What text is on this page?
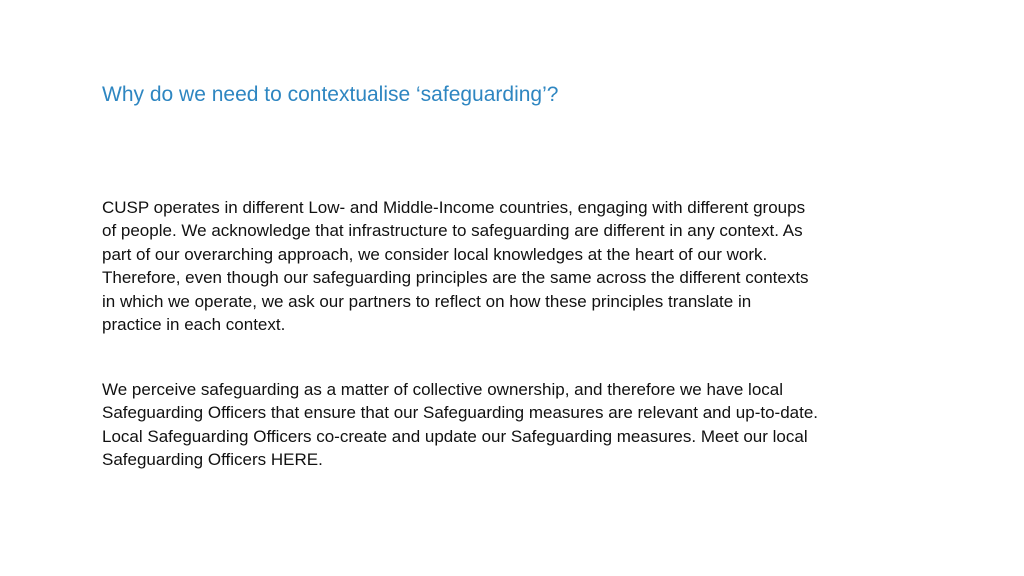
Why do we need to contextualise ‘safeguarding’?

CUSP operates in different Low- and Middle-Income countries, engaging with different groups
of people. We acknowledge that infrastructure to safeguarding are different in any context. As
part of our overarching approach, we consider local knowledges at the heart of our work.
Therefore, even though our safeguarding principles are the same across the different contexts
in which we operate, we ask our partners to reflect on how these principles translate in
practice in each context.

We perceive safeguarding as a matter of collective ownership, and therefore we have local
Safeguarding Officers that ensure that our Safeguarding measures are relevant and up-to-date.
Local Safeguarding Officers co-create and update our Safeguarding measures. Meet our local
Safeguarding Officers HERE.
